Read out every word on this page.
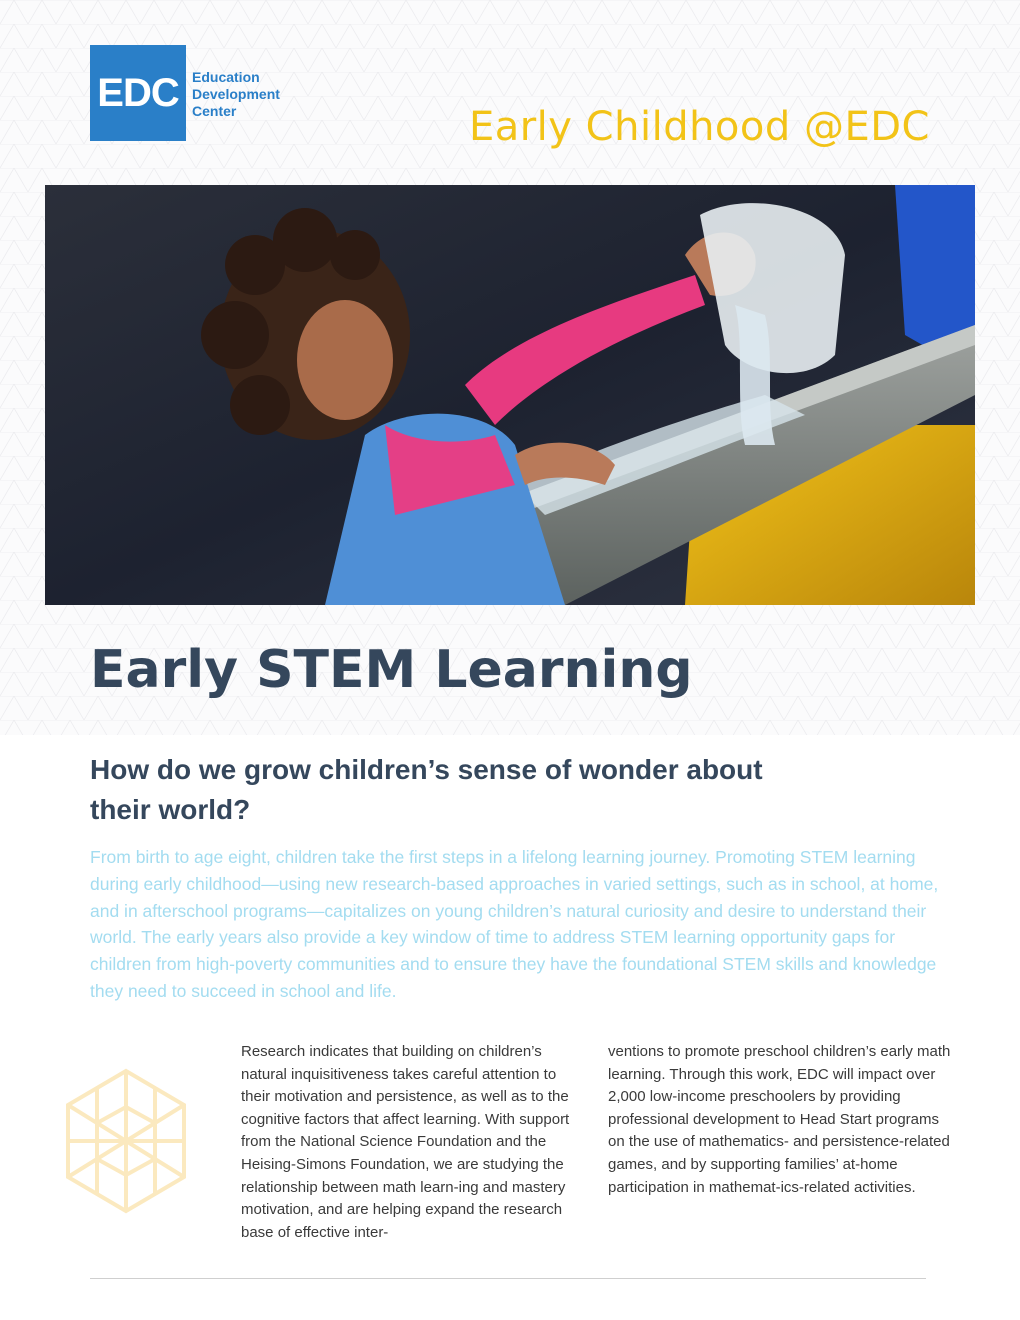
EDC Education
Development
Center	Early Childhood @EDC
Early STEM Learning
How do we grow children’s sense of wonder about their world?

From birth to age eight, children take the first steps in a lifelong learning journey. Promoting STEM learning during early childhood—using new research-based approaches in varied settings, such as in school, at home, and in afterschool programs—capitalizes on young children’s natural curiosity and desire to understand their world. The early years also provide a key window of time to address STEM learning opportunity gaps for children from high-poverty communities and to ensure they have the foundational STEM skills and knowledge they need to succeed in school and life.

Research indicates that building on children’s natural inquisitiveness takes careful attention to their motivation and persistence, as well as to the cognitive factors that affect learning. With support from the National Science Foundation and the Heising-Simons Foundation, we are studying the relationship between math learn-ing and mastery motivation, and are helping expand the research base of effective inter-

ventions to promote preschool children’s early math learning. Through this work, EDC will impact over 2,000 low-income preschoolers by providing professional development to Head Start programs on the use of mathematics- and persistence-related games, and by supporting families’ at-home participation in mathemat-ics-related activities.
